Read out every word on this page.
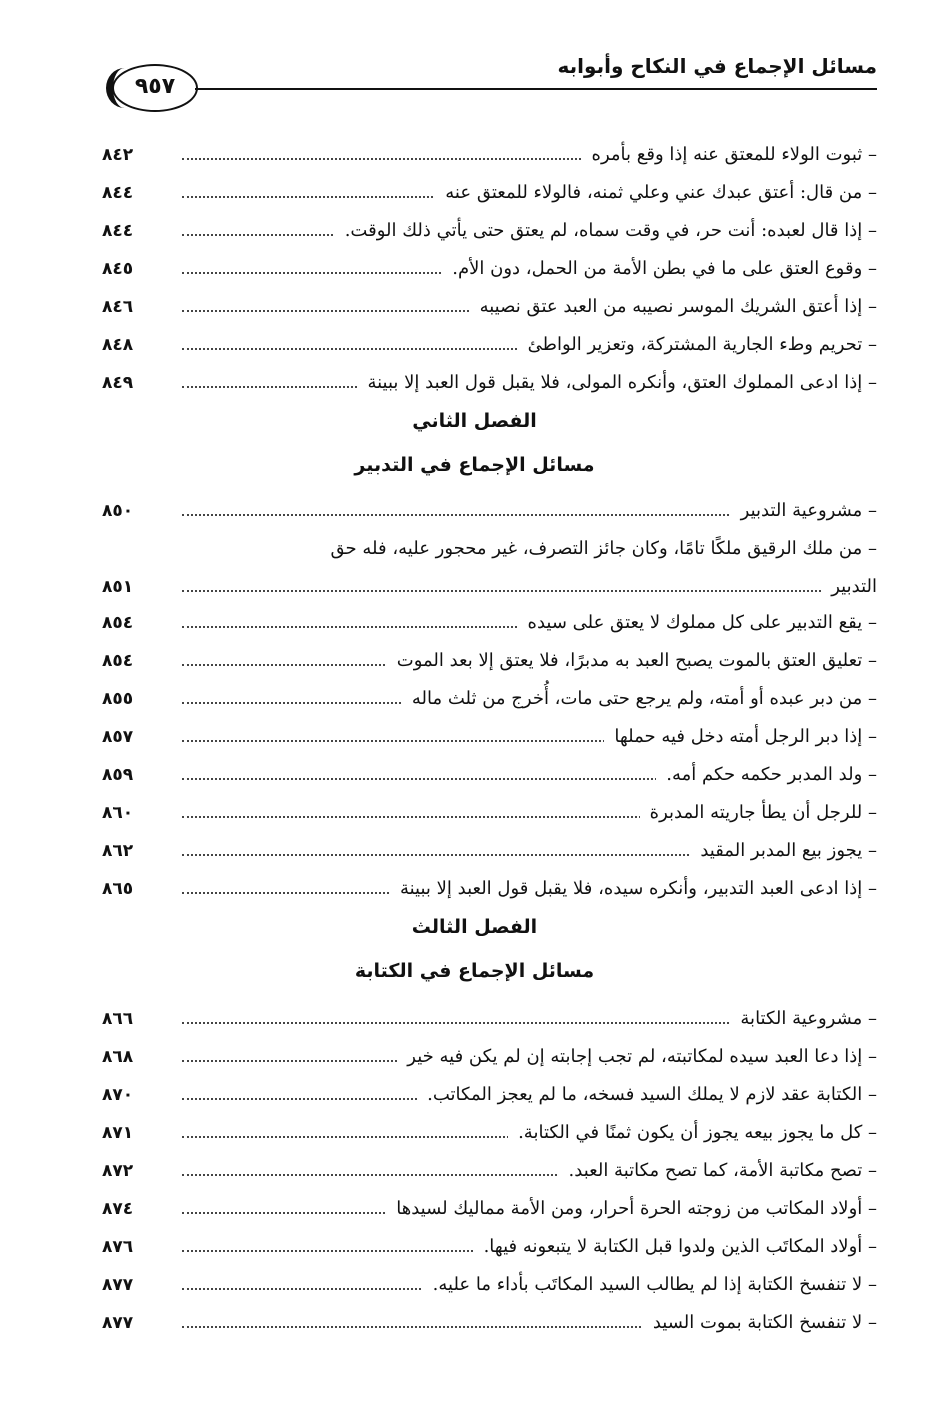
مسائل الإجماع في النكاح وأبوابه
٩٥٧
– ثبوت الولاء للمعتق عنه إذا وقع بأمره
٨٤٢
– من قال: أعتق عبدك عني وعلي ثمنه، فالولاء للمعتق عنه
٨٤٤
– إذا قال لعبده: أنت حر، في وقت سماه، لم يعتق حتى يأتي ذلك الوقت.
٨٤٤
– وقوع العتق على ما في بطن الأمة من الحمل، دون الأم.
٨٤٥
– إذا أعتق الشريك الموسر نصيبه من العبد عتق نصيبه
٨٤٦
– تحريم وطء الجارية المشتركة، وتعزير الواطئ
٨٤٨
– إذا ادعى المملوك العتق، وأنكره المولى، فلا يقبل قول العبد إلا ببينة
٨٤٩
الفصل الثاني
مسائل الإجماع في التدبير
– مشروعية التدبير
٨٥٠
– من ملك الرقيق ملكًا تامًا، وكان جائز التصرف، غير محجور عليه، فله حق
التدبير
٨٥١
– يقع التدبير على كل مملوك لا يعتق على سيده
٨٥٤
– تعليق العتق بالموت يصبح العبد به مدبرًا، فلا يعتق إلا بعد الموت
٨٥٤
– من دبر عبده أو أمته، ولم يرجع حتى مات، أُخرج من ثلث ماله
٨٥٥
– إذا دبر الرجل أمته دخل فيه حملها
٨٥٧
– ولد المدبر حكمه حكم أمه.
٨٥٩
– للرجل أن يطأ جاريته المدبرة
٨٦٠
– يجوز بيع المدبر المقيد
٨٦٢
– إذا ادعى العبد التدبير، وأنكره سيده، فلا يقبل قول العبد إلا ببينة
٨٦٥
الفصل الثالث
مسائل الإجماع في الكتابة
– مشروعية الكتابة
٨٦٦
– إذا دعا العبد سيده لمكاتبته، لم تجب إجابته إن لم يكن فيه خير
٨٦٨
– الكتابة عقد لازم لا يملك السيد فسخه، ما لم يعجز المكاتب.
٨٧٠
– كل ما يجوز بيعه يجوز أن يكون ثمنًا في الكتابة.
٨٧١
– تصح مكاتبة الأمة، كما تصح مكاتبة العبد.
٨٧٢
– أولاد المكاتب من زوجته الحرة أحرار، ومن الأمة مماليك لسيدها
٨٧٤
– أولاد المكاتَب الذين ولدوا قبل الكتابة لا يتبعونه فيها.
٨٧٦
– لا تنفسخ الكتابة إذا لم يطالب السيد المكاتَب بأداء ما عليه.
٨٧٧
– لا تنفسخ الكتابة بموت السيد
٨٧٧
